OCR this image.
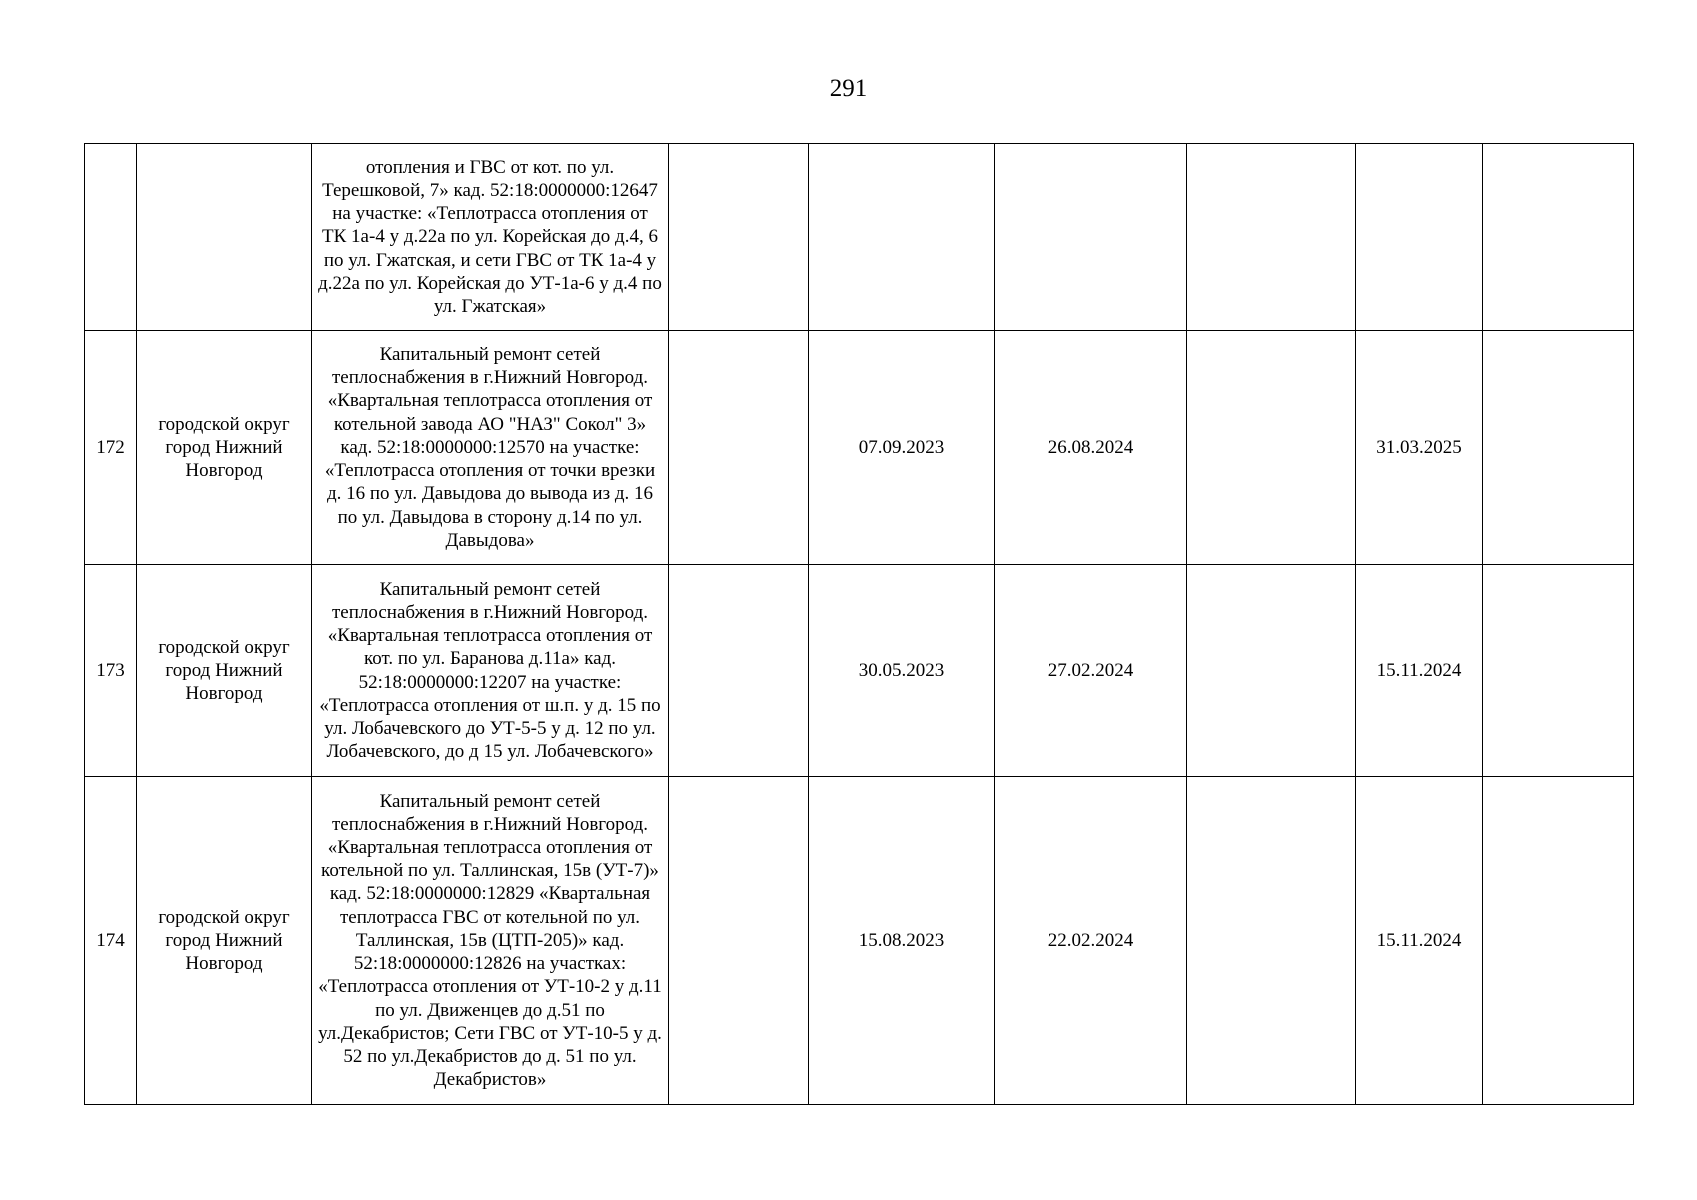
291
		отопления и ГВС от кот. по ул. Терешковой, 7» кад. 52:18:0000000:12647 на участке: «Теплотрасса отопления от ТК 1а-4 у д.22а по ул. Корейская до д.4, 6 по ул. Гжатская, и сети ГВС от ТК 1а-4 у д.22а по ул. Корейская до УТ-1а-6 у д.4 по ул. Гжатская»						
172	городской округ город Нижний Новгород	Капитальный ремонт сетей теплоснабжения в г.Нижний Новгород. «Квартальная теплотрасса отопления от котельной завода АО "НАЗ" Сокол" 3» кад. 52:18:0000000:12570 на участке: «Теплотрасса отопления от точки врезки д. 16 по ул. Давыдова до вывода из д. 16 по ул. Давыдова в сторону д.14 по ул. Давыдова»		07.09.2023	26.08.2024		31.03.2025	
173	городской округ город Нижний Новгород	Капитальный ремонт сетей теплоснабжения в г.Нижний Новгород. «Квартальная теплотрасса отопления от кот. по ул. Баранова д.11а» кад. 52:18:0000000:12207 на участке: «Теплотрасса отопления от ш.п. у д. 15 по ул. Лобачевского до УТ-5-5 у д. 12 по ул. Лобачевского, до д 15 ул. Лобачевского»		30.05.2023	27.02.2024		15.11.2024	
174	городской округ город Нижний Новгород	Капитальный ремонт сетей теплоснабжения в г.Нижний Новгород. «Квартальная теплотрасса отопления от котельной по ул. Таллинская, 15в (УТ-7)» кад. 52:18:0000000:12829 «Квартальная теплотрасса ГВС от котельной по ул. Таллинская, 15в (ЦТП-205)» кад. 52:18:0000000:12826 на участках: «Теплотрасса отопления от УТ-10-2 у д.11 по ул. Движенцев до д.51 по ул.Декабристов; Сети ГВС от УТ-10-5 у д. 52 по ул.Декабристов до д. 51 по ул. Декабристов»		15.08.2023	22.02.2024		15.11.2024	
